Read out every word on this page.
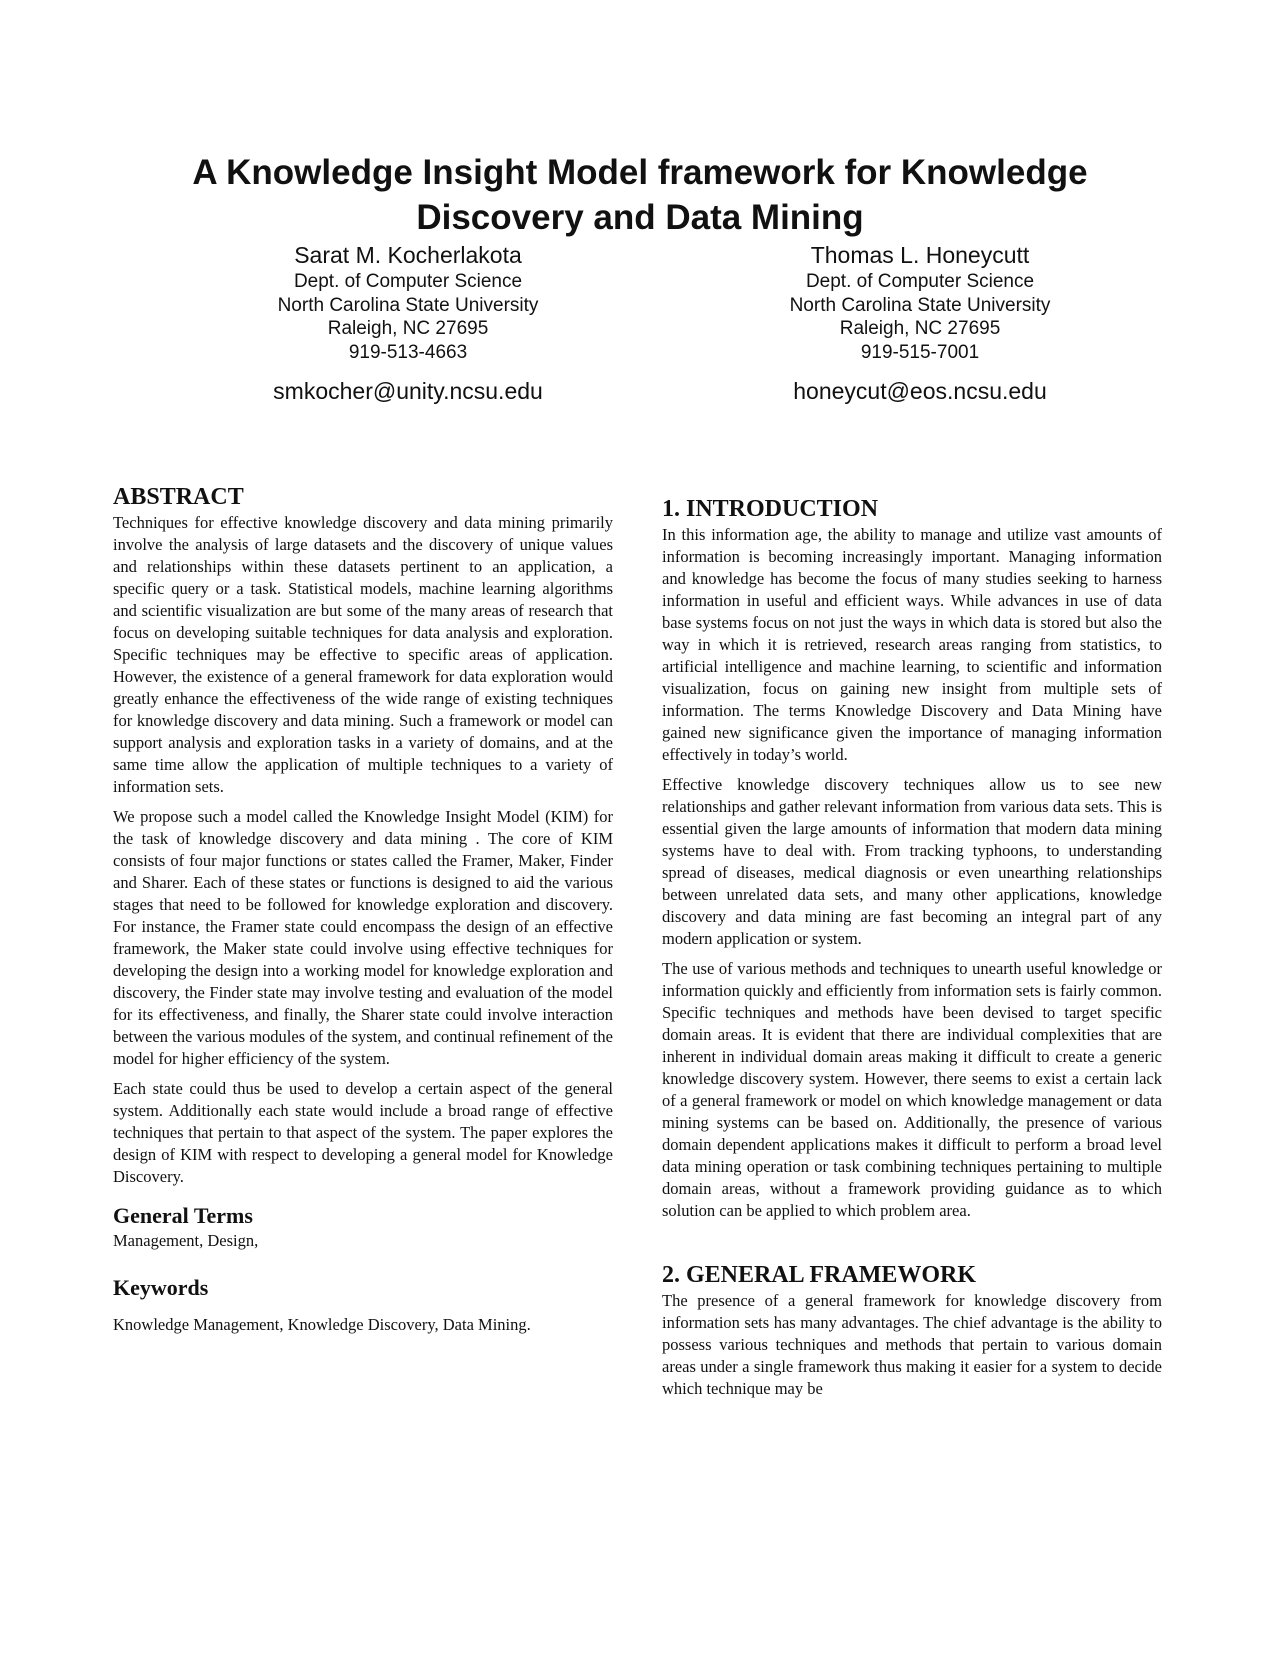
A Knowledge Insight Model framework for Knowledge
Discovery and Data Mining
Sarat M. Kocherlakota
Dept. of Computer Science
North Carolina State University
Raleigh, NC 27695
919-513-4663
smkocher@unity.ncsu.edu
Thomas L. Honeycutt
Dept. of Computer Science
North Carolina State University
Raleigh, NC 27695
919-515-7001
honeycut@eos.ncsu.edu
ABSTRACT

Techniques for effective knowledge discovery and data mining primarily involve the analysis of large datasets and the discovery of unique values and relationships within these datasets pertinent to an application, a specific query or a task. Statistical models, machine learning algorithms and scientific visualization are but some of the many areas of research that focus on developing suitable techniques for data analysis and exploration. Specific techniques may be effective to specific areas of application. However, the existence of a general framework for data exploration would greatly enhance the effectiveness of the wide range of existing techniques for knowledge discovery and data mining. Such a framework or model can support analysis and exploration tasks in a variety of domains, and at the same time allow the application of multiple techniques to a variety of information sets.

We propose such a model called the Knowledge Insight Model (KIM) for the task of knowledge discovery and data mining . The core of KIM consists of four major functions or states called the Framer, Maker, Finder and Sharer. Each of these states or functions is designed to aid the various stages that need to be followed for knowledge exploration and discovery. For instance, the Framer state could encompass the design of an effective framework, the Maker state could involve using effective techniques for developing the design into a working model for knowledge exploration and discovery, the Finder state may involve testing and evaluation of the model for its effectiveness, and finally, the Sharer state could involve interaction between the various modules of the system, and continual refinement of the model for higher efficiency of the system.

Each state could thus be used to develop a certain aspect of the general system. Additionally each state would include a broad range of effective techniques that pertain to that aspect of the system. The paper explores the design of KIM with respect to developing a general model for Knowledge Discovery.

General Terms
Management, Design,
Keywords
Knowledge Management, Knowledge Discovery, Data Mining.
1. INTRODUCTION

In this information age, the ability to manage and utilize vast amounts of information is becoming increasingly important. Managing information and knowledge has become the focus of many studies seeking to harness information in useful and efficient ways. While advances in use of data base systems focus on not just the ways in which data is stored but also the way in which it is retrieved, research areas ranging from statistics, to artificial intelligence and machine learning, to scientific and information visualization, focus on gaining new insight from multiple sets of information. The terms Knowledge Discovery and Data Mining have gained new significance given the importance of managing information effectively in today’s world.

Effective knowledge discovery techniques allow us to see new relationships and gather relevant information from various data sets. This is essential given the large amounts of information that modern data mining systems have to deal with. From tracking typhoons, to understanding spread of diseases, medical diagnosis or even unearthing relationships between unrelated data sets, and many other applications, knowledge discovery and data mining are fast becoming an integral part of any modern application or system.

The use of various methods and techniques to unearth useful knowledge or information quickly and efficiently from information sets is fairly common. Specific techniques and methods have been devised to target specific domain areas. It is evident that there are individual complexities that are inherent in individual domain areas making it difficult to create a generic knowledge discovery system. However, there seems to exist a certain lack of a general framework or model on which knowledge management or data mining systems can be based on. Additionally, the presence of various domain dependent applications makes it difficult to perform a broad level data mining operation or task combining techniques pertaining to multiple domain areas, without a framework providing guidance as to which solution can be applied to which problem area.

2. GENERAL FRAMEWORK

The presence of a general framework for knowledge discovery from information sets has many advantages. The chief advantage is the ability to possess various techniques and methods that pertain to various domain areas under a single framework thus making it easier for a system to decide which technique may be
